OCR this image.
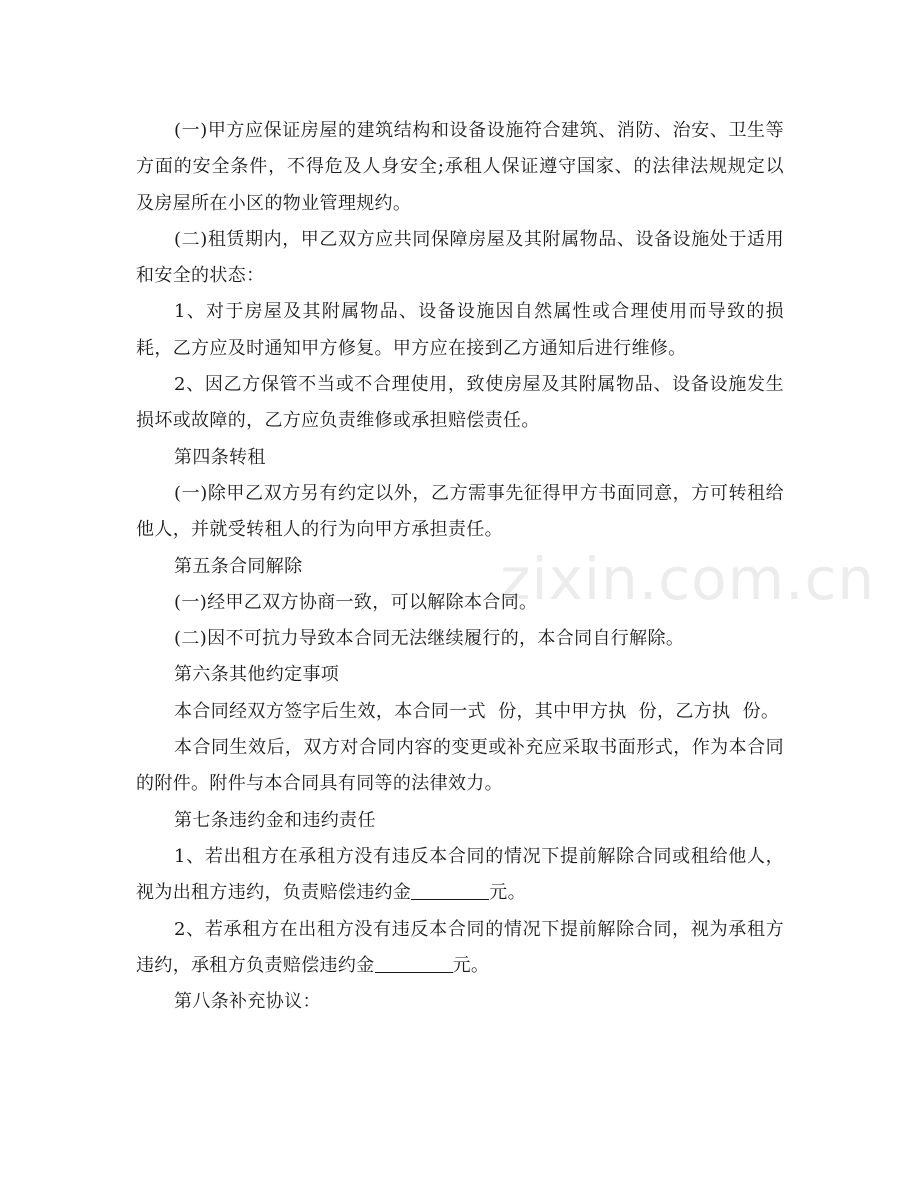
(一)甲方应保证房屋的建筑结构和设备设施符合建筑、消防、治安、卫生等方面的安全条件，不得危及人身安全;承租人保证遵守国家、的法律法规规定以及房屋所在小区的物业管理规约。

(二)租赁期内，甲乙双方应共同保障房屋及其附属物品、设备设施处于适用和安全的状态：

1、对于房屋及其附属物品、设备设施因自然属性或合理使用而导致的损耗，乙方应及时通知甲方修复。甲方应在接到乙方通知后进行维修。

2、因乙方保管不当或不合理使用，致使房屋及其附属物品、设备设施发生损坏或故障的，乙方应负责维修或承担赔偿责任。

第四条转租

(一)除甲乙双方另有约定以外，乙方需事先征得甲方书面同意，方可转租给他人，并就受转租人的行为向甲方承担责任。

第五条合同解除

(一)经甲乙双方协商一致，可以解除本合同。

(二)因不可抗力导致本合同无法继续履行的，本合同自行解除。

第六条其他约定事项

本合同经双方签字后生效，本合同一式  份，其中甲方执  份，乙方执  份。

本合同生效后，双方对合同内容的变更或补充应采取书面形式，作为本合同的附件。附件与本合同具有同等的法律效力。

第七条违约金和违约责任

1、若出租方在承租方没有违反本合同的情况下提前解除合同或租给他人，视为出租方违约，负责赔偿违约金	元。

2、若承租方在出租方没有违反本合同的情况下提前解除合同，视为承租方违约，承租方负责赔偿违约金	元。

第八条补充协议：

zixin.com.cn
